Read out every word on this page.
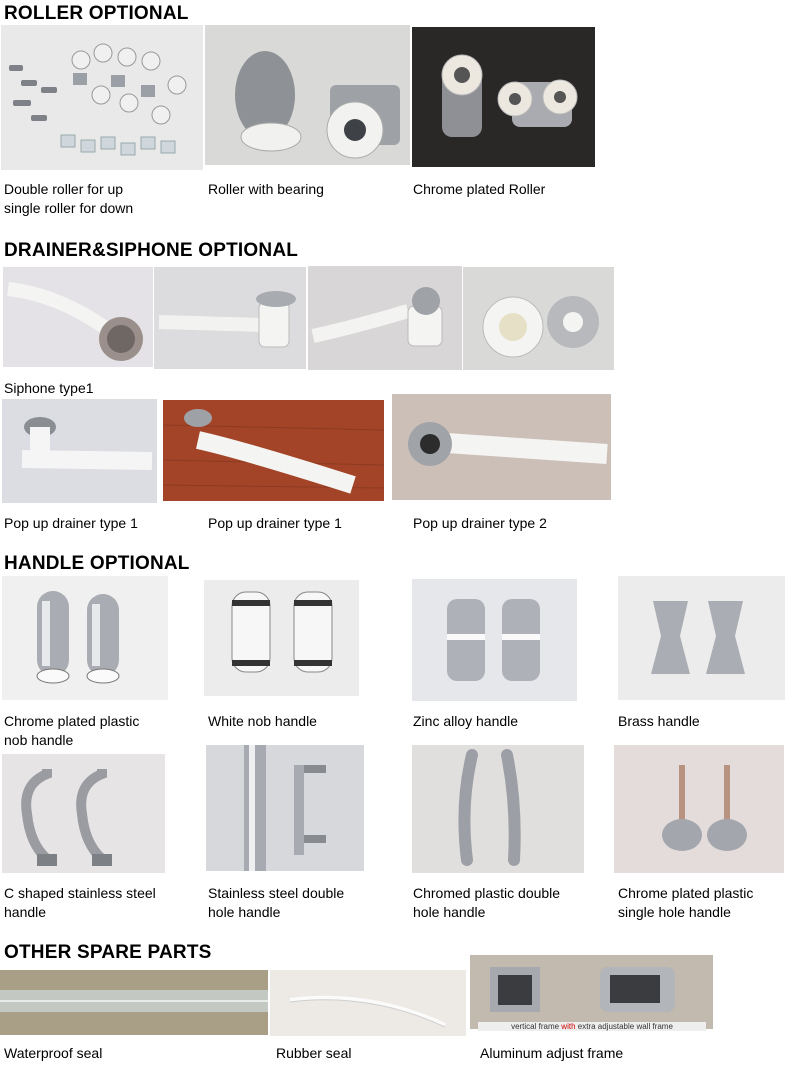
ROLLER OPTIONAL
Double roller for up
single roller for down
Roller with bearing	Chrome plated Roller
DRAINER&SIPHONE OPTIONAL
Siphone type1
Pop up drainer type 1	Pop up drainer type 1	Pop up drainer type 2
HANDLE OPTIONAL
Chrome plated plastic
nob handle
White nob handle	Zinc alloy handle	Brass handle
C shaped stainless steel
handle
Stainless steel double
hole handle
Chromed plastic double
hole handle
Chrome plated plastic
single hole handle
OTHER SPARE PARTS
vertical frame with extra adjustable wall frame
Waterproof seal	Rubber seal	Aluminum adjust frame
